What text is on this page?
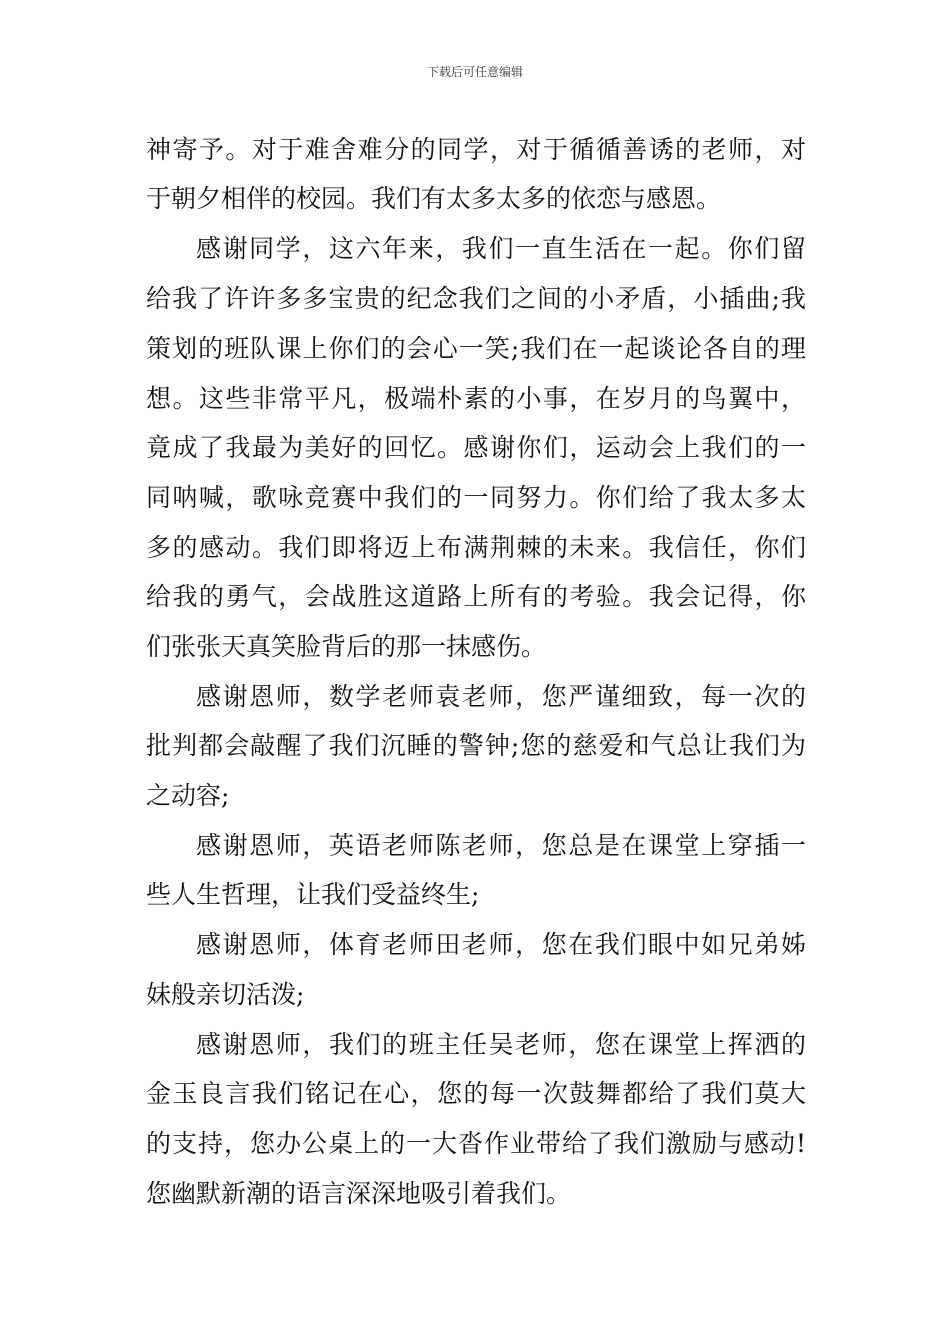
下载后可任意编辑
神寄予。对于难舍难分的同学，对于循循善诱的老师，对
于朝夕相伴的校园。我们有太多太多的依恋与感恩。
感谢同学，这六年来，我们一直生活在一起。你们留
给我了许许多多宝贵的纪念我们之间的小矛盾，小插曲;我
策划的班队课上你们的会心一笑;我们在一起谈论各自的理
想。这些非常平凡，极端朴素的小事，在岁月的鸟翼中，
竟成了我最为美好的回忆。感谢你们，运动会上我们的一
同呐喊，歌咏竞赛中我们的一同努力。你们给了我太多太
多的感动。我们即将迈上布满荆棘的未来。我信任，你们
给我的勇气，会战胜这道路上所有的考验。我会记得，你
们张张天真笑脸背后的那一抹感伤。
感谢恩师，数学老师袁老师，您严谨细致，每一次的
批判都会敲醒了我们沉睡的警钟;您的慈爱和气总让我们为
之动容;
感谢恩师，英语老师陈老师，您总是在课堂上穿插一
些人生哲理，让我们受益终生;
感谢恩师，体育老师田老师，您在我们眼中如兄弟姊
妹般亲切活泼;
感谢恩师，我们的班主任吴老师，您在课堂上挥洒的
金玉良言我们铭记在心，您的每一次鼓舞都给了我们莫大
的支持，您办公桌上的一大沓作业带给了我们激励与感动!
您幽默新潮的语言深深地吸引着我们。
